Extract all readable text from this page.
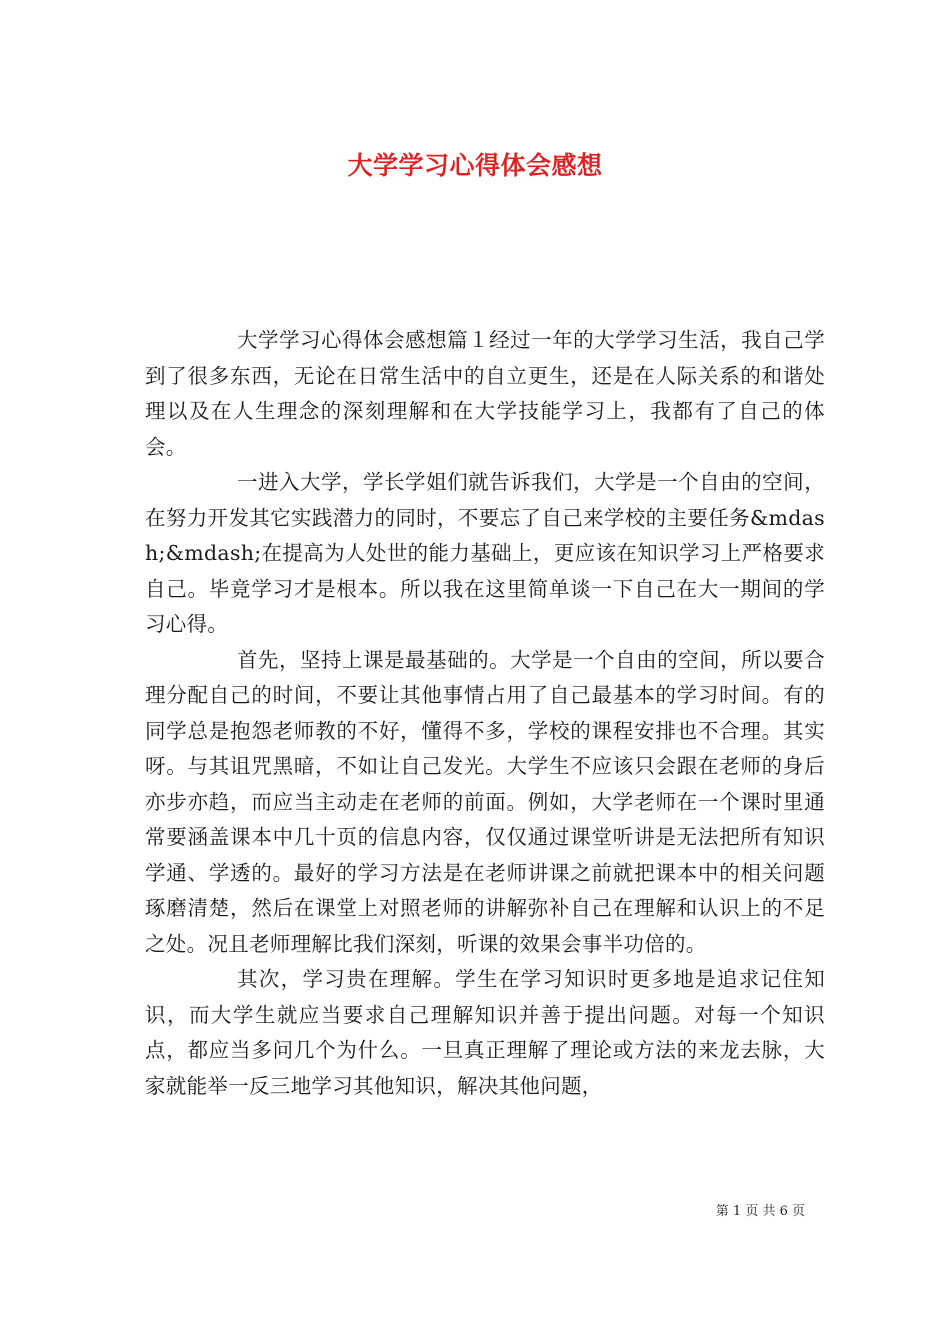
大学学习心得体会感想

大学学习心得体会感想篇１经过一年的大学学习生活，我自己学到了很多东西，无论在日常生活中的自立更生，还是在人际关系的和谐处理以及在人生理念的深刻理解和在大学技能学习上，我都有了自己的体会。

一进入大学，学长学姐们就告诉我们，大学是一个自由的空间，在努力开发其它实践潜力的同时，不要忘了自己来学校的主要任务&mdash;&mdash;在提高为人处世的能力基础上，更应该在知识学习上严格要求自己。毕竟学习才是根本。所以我在这里简单谈一下自己在大一期间的学习心得。

首先，坚持上课是最基础的。大学是一个自由的空间，所以要合理分配自己的时间，不要让其他事情占用了自己最基本的学习时间。有的同学总是抱怨老师教的不好，懂得不多，学校的课程安排也不合理。其实呀。与其诅咒黑暗，不如让自己发光。大学生不应该只会跟在老师的身后亦步亦趋，而应当主动走在老师的前面。例如，大学老师在一个课时里通常要涵盖课本中几十页的信息内容，仅仅通过课堂听讲是无法把所有知识学通、学透的。最好的学习方法是在老师讲课之前就把课本中的相关问题琢磨清楚，然后在课堂上对照老师的讲解弥补自己在理解和认识上的不足之处。况且老师理解比我们深刻，听课的效果会事半功倍的。

其次，学习贵在理解。学生在学习知识时更多地是追求记住知识，而大学生就应当要求自己理解知识并善于提出问题。对每一个知识点，都应当多问几个为什么。一旦真正理解了理论或方法的来龙去脉，大家就能举一反三地学习其他知识，解决其他问题，

第 1 页 共 6 页
